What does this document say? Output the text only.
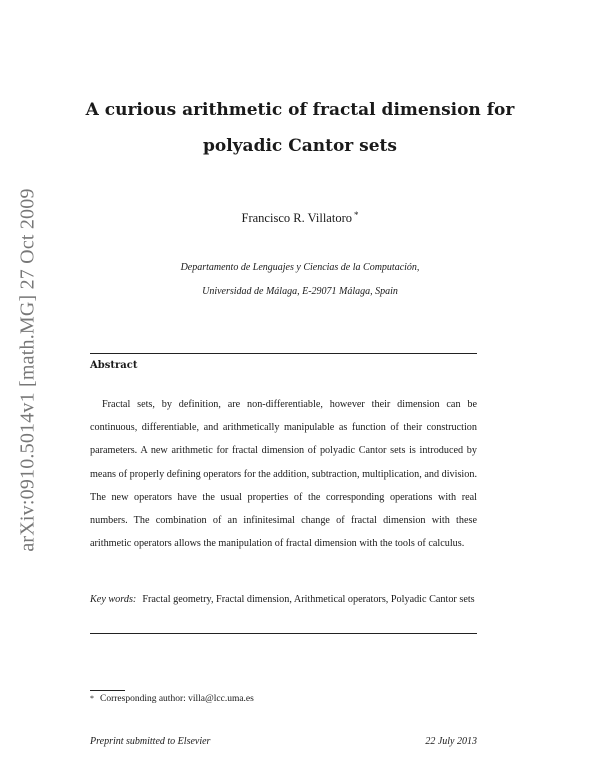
arXiv:0910.5014v1 [math.MG] 27 Oct 2009
A curious arithmetic of fractal dimension for
polyadic Cantor sets
Francisco R. Villatoro *
Departamento de Lenguajes y Ciencias de la Computación,
Universidad de Málaga, E-29071 Málaga, Spain
Abstract
Fractal sets, by definition, are non-differentiable, however their dimension can be continuous, differentiable, and arithmetically manipulable as function of their construction parameters. A new arithmetic for fractal dimension of polyadic Cantor sets is introduced by means of properly defining operators for the addition, subtraction, multiplication, and division. The new operators have the usual properties of the corresponding operations with real numbers. The combination of an infinitesimal change of fractal dimension with these arithmetic operators allows the manipulation of fractal dimension with the tools of calculus.
Key words: Fractal geometry, Fractal dimension, Arithmetical operators, Polyadic Cantor sets
* Corresponding author: villa@lcc.uma.es
Preprint submitted to Elsevier	22 July 2013
